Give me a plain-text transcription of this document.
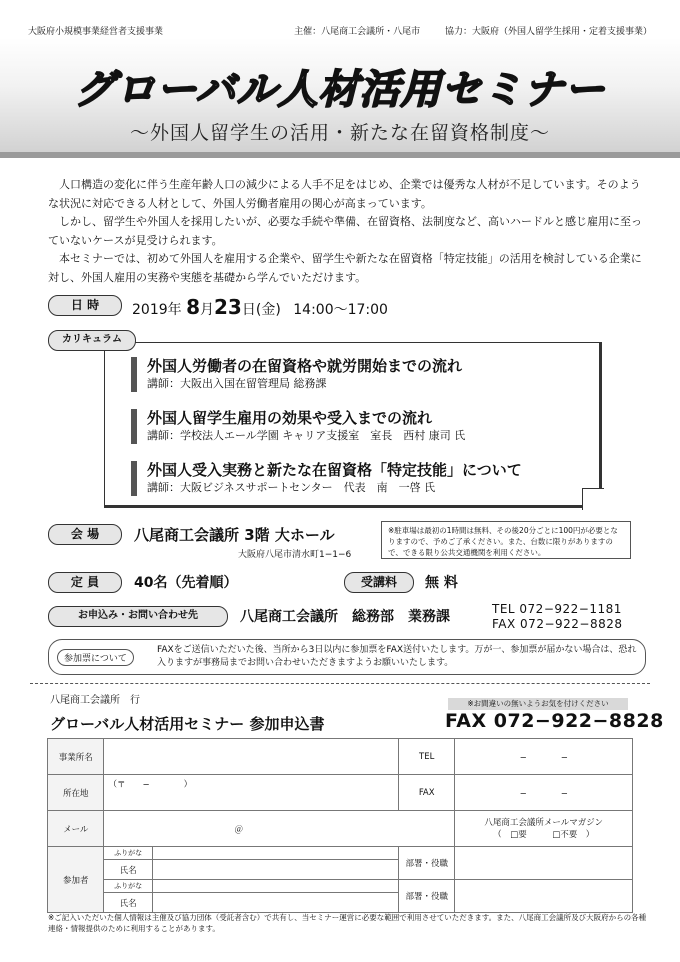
大阪府小規模事業経営者支援事業	主催：八尾商工会議所・八尾市	協力：大阪府（外国人留学生採用・定着支援事業）
グローバル人材活用セミナー
〜外国人留学生の活用・新たな在留資格制度〜

人口構造の変化に伴う生産年齢人口の減少による人手不足をはじめ、企業では優秀な人材が不足しています。そのような状況に対応できる人材として、外国人労働者雇用の関心が高まっています。

しかし、留学生や外国人を採用したいが、必要な手続や準備、在留資格、法制度など、高いハードルと感じ雇用に至っていないケースが見受けられます。

本セミナーでは、初めて外国人を雇用する企業や、留学生や新たな在留資格「特定技能」の活用を検討している企業に対し、外国人雇用の実務や実態を基礎から学んでいただけます。

日 時	2019年 8月23日(金) 14:00〜17:00
外国人労働者の在留資格や就労開始までの流れ
講師：大阪出入国在留管理局 総務課
外国人留学生雇用の効果や受入までの流れ
講師：学校法人エール学園 キャリア支援室　室長　西村 康司 氏
外国人受入実務と新たな在留資格「特定技能」について
講師：大阪ビジネスサポートセンター　代表　南　一啓 氏
カリキュラム
会 場	八尾商工会議所 3階 大ホール
大阪府八尾市清水町1−1−6
※駐車場は最初の1時間は無料、その後20分ごとに100円が必要となりますので、予めご了承ください。また、台数に限りがありますので、できる限り公共交通機関を利用ください。
定 員	40名（先着順）	受講料	無 料
お申込み・お問い合わせ先	八尾商工会議所　総務部　業務課	TEL 072−922−1181
FAX 072−922−8828
参加票について
FAXをご送信いただいた後、当所から3日以内に参加票をFAX送付いたします。万が一、参加票が届かない場合は、恐れ入りますが事務局までお問い合わせいただきますようお願いいたします。
八尾商工会議所　行	※お間違いの無いようお気を付けください
グローバル人材活用セミナー 参加申込書	FAX 072−922−8828
事業所名			TEL	−　　　　−
所在地	（〒　　−　　　　）		FAX	−　　　　−
メール	＠			八尾商工会議所メールマガジン
（　□要　　　□不要　）

参加者	ふりがな		部署・役職	
	氏名			
	ふりがな		部署・役職	
	氏名			
※ご記入いただいた個人情報は主催及び協力団体（受託者含む）で共有し、当セミナー運営に必要な範囲で利用させていただきます。また、八尾商工会議所及び大阪府からの各種連絡・情報提供のために利用することがあります。
